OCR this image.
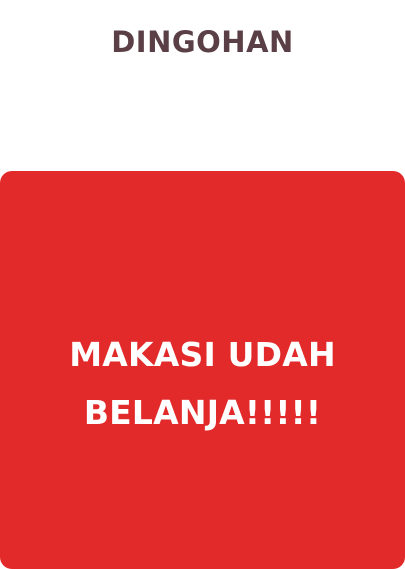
DINGOHAN

MAKASI UDAH BELANJA!!!!!
